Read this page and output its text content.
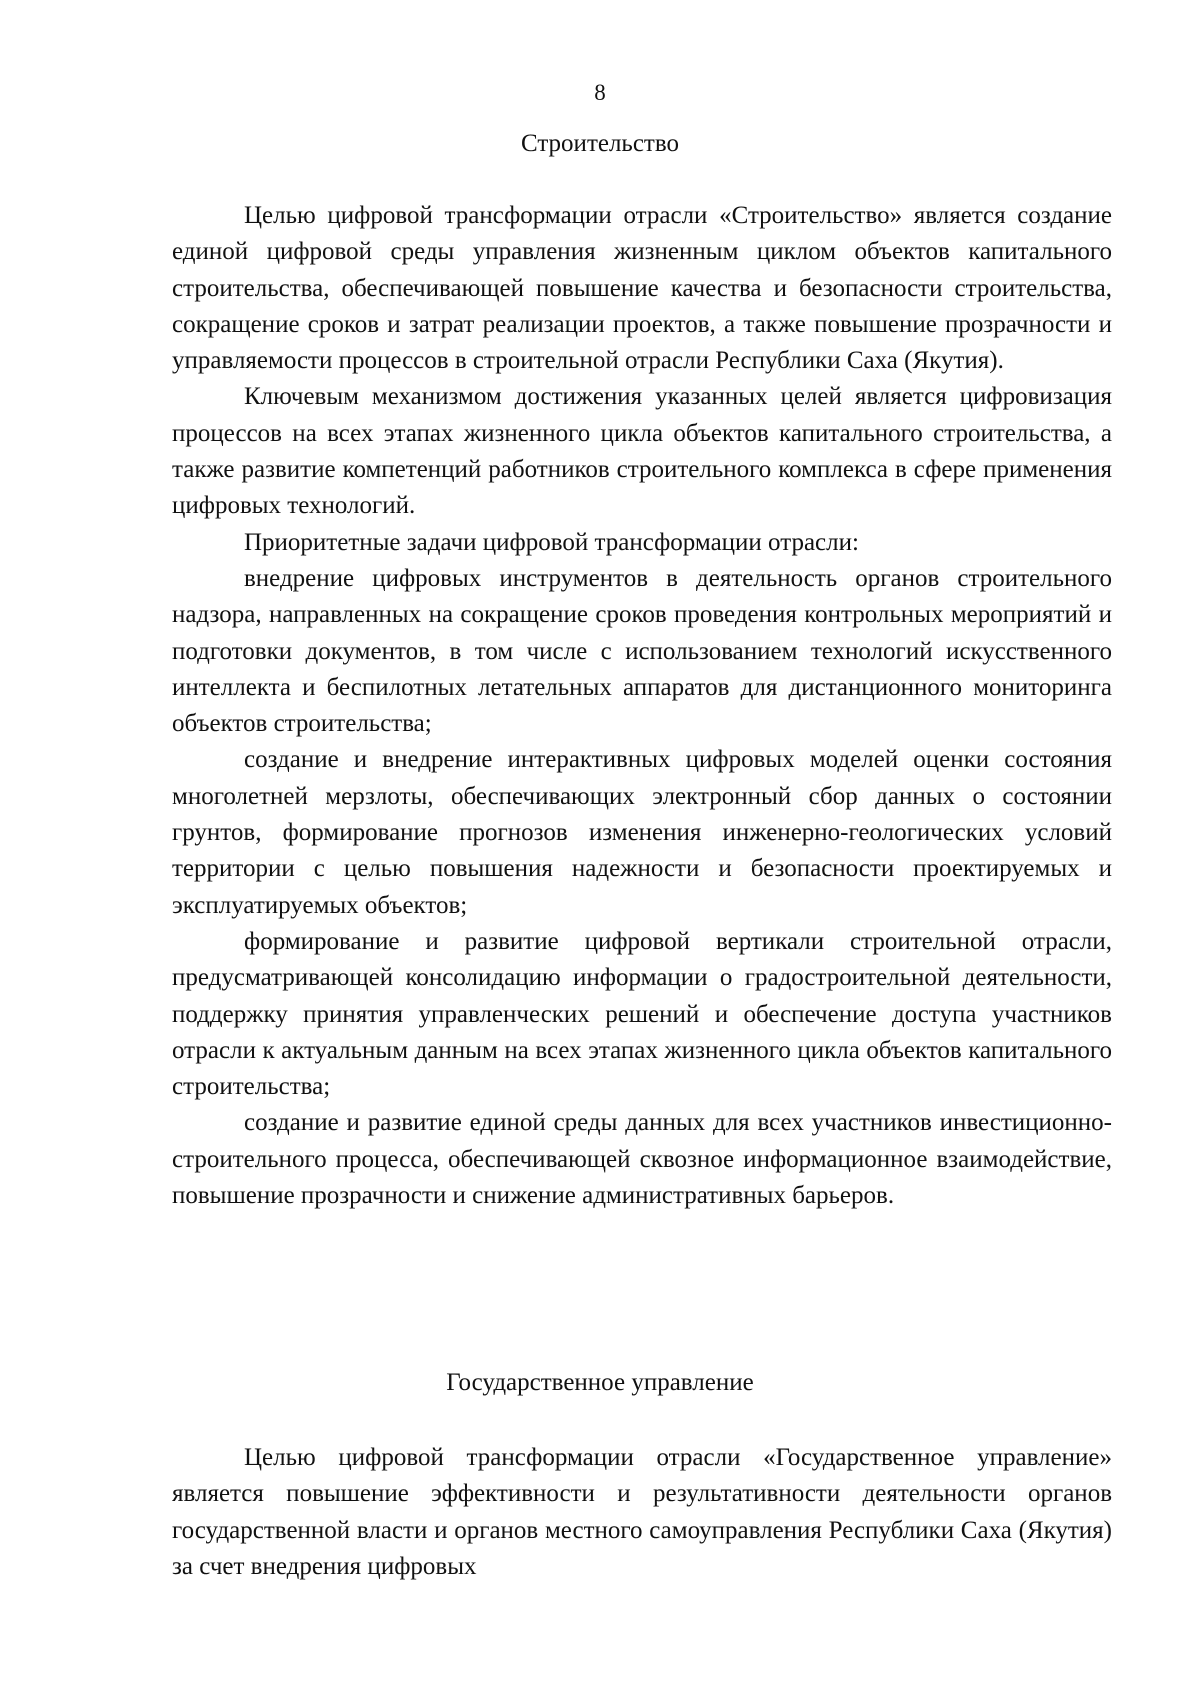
8
Строительство

Целью цифровой трансформации отрасли «Строительство» является создание единой цифровой среды управления жизненным циклом объектов капитального строительства, обеспечивающей повышение качества и безопасности строительства, сокращение сроков и затрат реализации проектов, а также повышение прозрачности и управляемости процессов в строительной отрасли Республики Саха (Якутия).

Ключевым механизмом достижения указанных целей является цифровизация процессов на всех этапах жизненного цикла объектов капитального строительства, а также развитие компетенций работников строительного комплекса в сфере применения цифровых технологий.

Приоритетные задачи цифровой трансформации отрасли:

внедрение цифровых инструментов в деятельность органов строительного надзора, направленных на сокращение сроков проведения контрольных мероприятий и подготовки документов, в том числе с использованием технологий искусственного интеллекта и беспилотных летательных аппаратов для дистанционного мониторинга объектов строительства;

создание и внедрение интерактивных цифровых моделей оценки состояния многолетней мерзлоты, обеспечивающих электронный сбор данных о состоянии грунтов, формирование прогнозов изменения инженерно-геологических условий территории с целью повышения надежности и безопасности проектируемых и эксплуатируемых объектов;

формирование и развитие цифровой вертикали строительной отрасли, предусматривающей консолидацию информации о градостроительной деятельности, поддержку принятия управленческих решений и обеспечение доступа участников отрасли к актуальным данным на всех этапах жизненного цикла объектов капитального строительства;

создание и развитие единой среды данных для всех участников инвестиционно-строительного процесса, обеспечивающей сквозное информационное взаимодействие, повышение прозрачности и снижение административных барьеров.

Государственное управление

Целью цифровой трансформации отрасли «Государственное управление» является повышение эффективности и результативности деятельности органов государственной власти и органов местного самоуправления Республики Саха (Якутия) за счет внедрения цифровых
